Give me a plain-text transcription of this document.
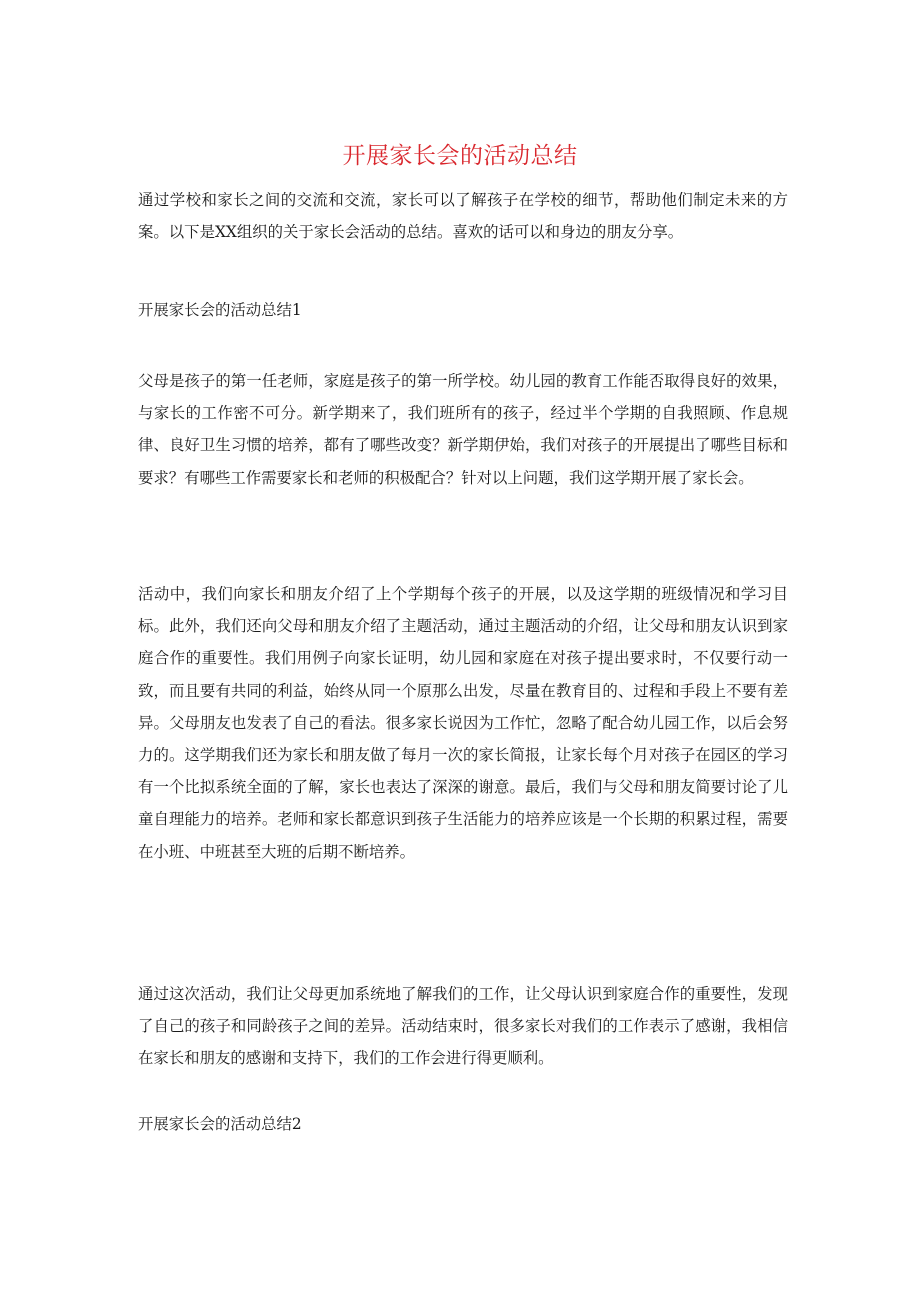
开展家长会的活动总结
通过学校和家长之间的交流和交流，家长可以了解孩子在学校的细节，帮助他们制定未来的方案。以下是XX组织的关于家长会活动的总结。喜欢的话可以和身边的朋友分享。
开展家长会的活动总结1
父母是孩子的第一任老师，家庭是孩子的第一所学校。幼儿园的教育工作能否取得良好的效果，与家长的工作密不可分。新学期来了，我们班所有的孩子，经过半个学期的自我照顾、作息规律、良好卫生习惯的培养，都有了哪些改变？新学期伊始，我们对孩子的开展提出了哪些目标和要求？有哪些工作需要家长和老师的积极配合？针对以上问题，我们这学期开展了家长会。
活动中，我们向家长和朋友介绍了上个学期每个孩子的开展，以及这学期的班级情况和学习目标。此外，我们还向父母和朋友介绍了主题活动，通过主题活动的介绍，让父母和朋友认识到家庭合作的重要性。我们用例子向家长证明，幼儿园和家庭在对孩子提出要求时，不仅要行动一致，而且要有共同的利益，始终从同一个原那么出发，尽量在教育目的、过程和手段上不要有差异。父母朋友也发表了自己的看法。很多家长说因为工作忙，忽略了配合幼儿园工作，以后会努力的。这学期我们还为家长和朋友做了每月一次的家长简报，让家长每个月对孩子在园区的学习有一个比拟系统全面的了解，家长也表达了深深的谢意。最后，我们与父母和朋友简要讨论了儿童自理能力的培养。老师和家长都意识到孩子生活能力的培养应该是一个长期的积累过程，需要在小班、中班甚至大班的后期不断培养。
通过这次活动，我们让父母更加系统地了解我们的工作，让父母认识到家庭合作的重要性，发现了自己的孩子和同龄孩子之间的差异。活动结束时，很多家长对我们的工作表示了感谢，我相信在家长和朋友的感谢和支持下，我们的工作会进行得更顺利。
开展家长会的活动总结2
